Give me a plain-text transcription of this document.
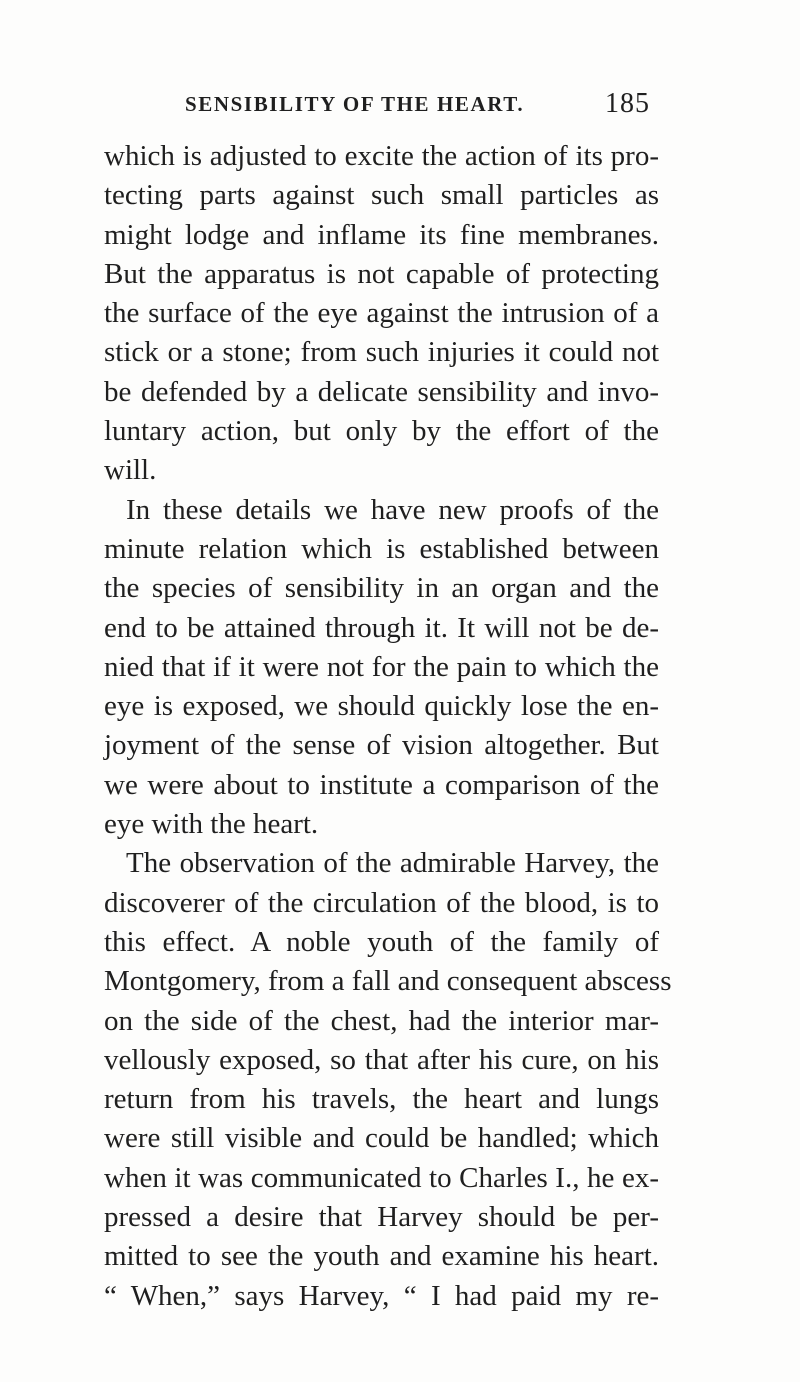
SENSIBILITY OF THE HEART.	185
which is adjusted to excite the action of its pro-
tecting parts against such small particles as
might lodge and inflame its fine membranes.
But the apparatus is not capable of protecting
the surface of the eye against the intrusion of a
stick or a stone; from such injuries it could not
be defended by a delicate sensibility and invo-
luntary action, but only by the effort of the
will.
In these details we have new proofs of the
minute relation which is established between
the species of sensibility in an organ and the
end to be attained through it. It will not be de-
nied that if it were not for the pain to which the
eye is exposed, we should quickly lose the en-
joyment of the sense of vision altogether. But
we were about to institute a comparison of the
eye with the heart.
The observation of the admirable Harvey, the
discoverer of the circulation of the blood, is to
this effect. A noble youth of the family of
Montgomery, from a fall and consequent abscess
on the side of the chest, had the interior mar-
vellously exposed, so that after his cure, on his
return from his travels, the heart and lungs
were still visible and could be handled; which
when it was communicated to Charles I., he ex-
pressed a desire that Harvey should be per-
mitted to see the youth and examine his heart.
“ When,” says Harvey, “ I had paid my re-
